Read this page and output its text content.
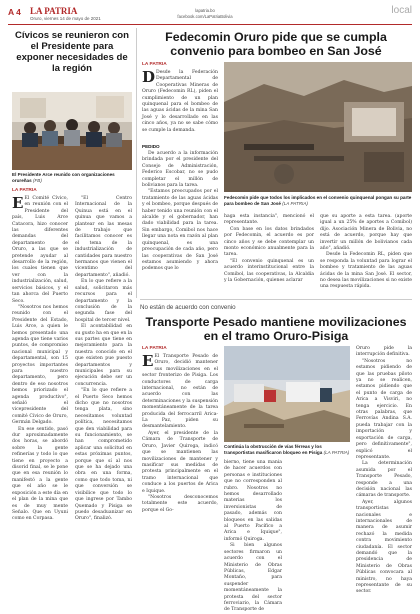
A 4 LA PATRIA
Oruro, viernes 14 de mayo de 2021
lapatria.bo
facebook.com/LaPatriaBolivia
local
Cívicos se reunieron con el Presidente para exponer necesidades de la región
El Presidente Arce reunido con organizaciones orureñas (FB)
LA PATRIA

E El Comité Cívico, en reunión con el Presidente del país, Luis Arce Catacora, hizo conocer las diferentes demandas del departamento de Oruro, a las que se pretende ayudar al desarrollo de la región, los cuales tienen que ver con la industrialización, salud, servicios básicos, y el tan ahorca del Puerto Seco.

"Nosotros nos hemos reunido con el Presidente del Estado, Luis Arce, a quien le hemos presentado una agenda que tiene varios puntos, de compromiso nacional municipal y departamental, son 15 proyectos importantes para nuestro departamento, pero dentro de eso nosotros hemos priorizado el agenda productivo", señaló el vicepresidente del comité Cívico de Oruro, Germán Delgado.

En ese sentido, pasó dur aproximadamente dos horas, se abordó sobre la gente refinerías y todo lo que tiene en proyecto a disorid final, se le pone que en esa reunión lo manifestó a la gente que el año se le exposición a este día en el plan de la mina que es de muy mente Señalo. Que en Uyuni como en Corpasa.

"El Centro Internacional de la Quinua está en el quinua que vamos a plantear en las mesas de trabajo que facilitamos conocer es el tema de la industrialización de cantidades para nuestro hermanos que vienen el vicentimo del departamento", añadió.

En lo que refiere a la salud, solicitaron más recursos para el departamento y la conclusión de la segunda fase del hospital de tercer nivel.

El acontabilidad en su gusto ha en que en la sus partes que tiene en mejoramiento para la nuestra conocido en el que existen pue puesto departamentos y municipales para su ejecución debe ser un concurrencia.

"En lo que refiere a el Puerto Seco hemos dicho que no nosotros tenga plata, sino necesitamos voluntad política, necesitamos que den viabilidad para su funcionamiento, se han comprometido aplicar una solicitud en estas próximas puntos, porque que sí al nos que se ha dejado una obra en una forma, como que todo toma, ni que conversión se visibilice que todo lo que ingrese por Tambo Quemado y Pisiga se puedo desaduanizar en Oruro", finalizó.

Fedecomin Oruro pide que se cumpla convenio para bombeo en San José
LA PATRIA

D Desde la Federación Departamental de Cooperativas Mineras de Oruro (Fedecomin RL), piden el cumplimiento de un plan quinquenal para el bombeo de las aguas ácidas de la mina San José y lo desarrollado en las cinco años, ya no se sabe cómo se cumple la demanda.

PEDIDO

De acuerdo a la información brindada por el presidente del Consejo de Administración, Federico Escobar, no se pudo completar el millón de bolivianos para la tarea.

"Estamos preocupados por el tratamiento de las aguas ácidas y el bombeo, porque después de haber tenido una reunión con el alcalde y el gobernador, han dado viabilidad para la tarea. Sin embargo, Comibol nos hace llegar una nota en razón al plan quinquenal, es una preocupación de cada año, pero las cooperativas de San José estamos asumiendo y ahora podemos que lo

Fedecomin pide que todos los implicados en el convenio quinquenal pongan su parte para bombeo de San José (LA PATRIA)

haga esta instancia", mencionó el representante.

Con base en los datos brindados por Fedecomin, el acuerdo es por cinco años y se debe contemplar un monto económico anualmente para la tarea.

"El convenio quinquenal es un acuerdo interinstitucional entre la Comibol, las cooperativas, la Alcaldía y la Gobernación, quienes aclarar

que su aporte a esta tarea. (aporte igual a un 25% de aportes a Comibol) dijo. Asociación Minera de Bolivia, no está de acuerdo, porque hay que invertir un millón de bolivianos cada año", añadió.

Desde la Fedecomin RL, piden que se responda la voluntad para lograr el bombeo y tratamiento de las aguas ácidas de la mina San José. El sector, no desea las movilizaciones si no existe una respuesta rápida.

No están de acuerdo con convenio
Transporte Pesado mantiene movilizaciones en el tramo Oruro-Pisiga
LA PATRIA

E El Transporte Pesado de Oruro, decidió mantener sus movilizaciones en el sector fronterizo de Pisiga. Los conductores de carga internacional, no están de acuerdo con las determinaciones y la suspensión momentáneamente de la tarea producida del ferrocarril Arica-La Paz, piden su desmantelamiento.

Ayer, el presidente de la Cámara de Transporte de Oruro, Javier Quiroga, indicó que se mantienen las movilizaciones de mantener y masificar sus medidas de protesta principalmente en el tramo internacional que conduce a los puertos de Arica e Iquique.

"Nosotros desconocemos totalmente este acuerdo, porque el Go-

Continúa la obstrucción de vías férreas y los transportistas masificaron bloqueo en Pisiga (LA PATRIA)

bierno, tiene una mania de hacer acuerdos con personas e instituciones que no corresponden al rubro. Nosotros no hemos desarrollado materias los inversionistas de pasado, además con bloqueos en las salidas al Puerto Pacífico a Arica e Iquique", informó Quiroga.

Si bien algunos sectores firmaron un acuerdo con el Ministerio de Obras Públicas, Edgar Montaño, para suspender momentáneamente la protesta del sector ferroviario, la Cámara de Transporte de

Oruro pide la interrupción definitiva.

"Nosotros no estamos pidiendo de que las pruebas piloto ya no se realicen, estamos pidiendo que el punto de carga de Arica a Visviri, no tenga ejercicio. En otras palabras, que Ferrovías Andina S.A. pueda trabajar con la importación y exportación de carga, pero definitivamente", explicó el representante.

La determinación asumida por el Transporte Pesado, responde a una decisión nacional las cámaras de transporte.

Ayer, algunos transportistas nacionales e internacionales de manera de asumir rechazó la medida contra movimiento ciudadanía. El sector demandó que la presidencia de Ministerio de Obras Públicas convocara al ministro, no haya representante de su sector.
